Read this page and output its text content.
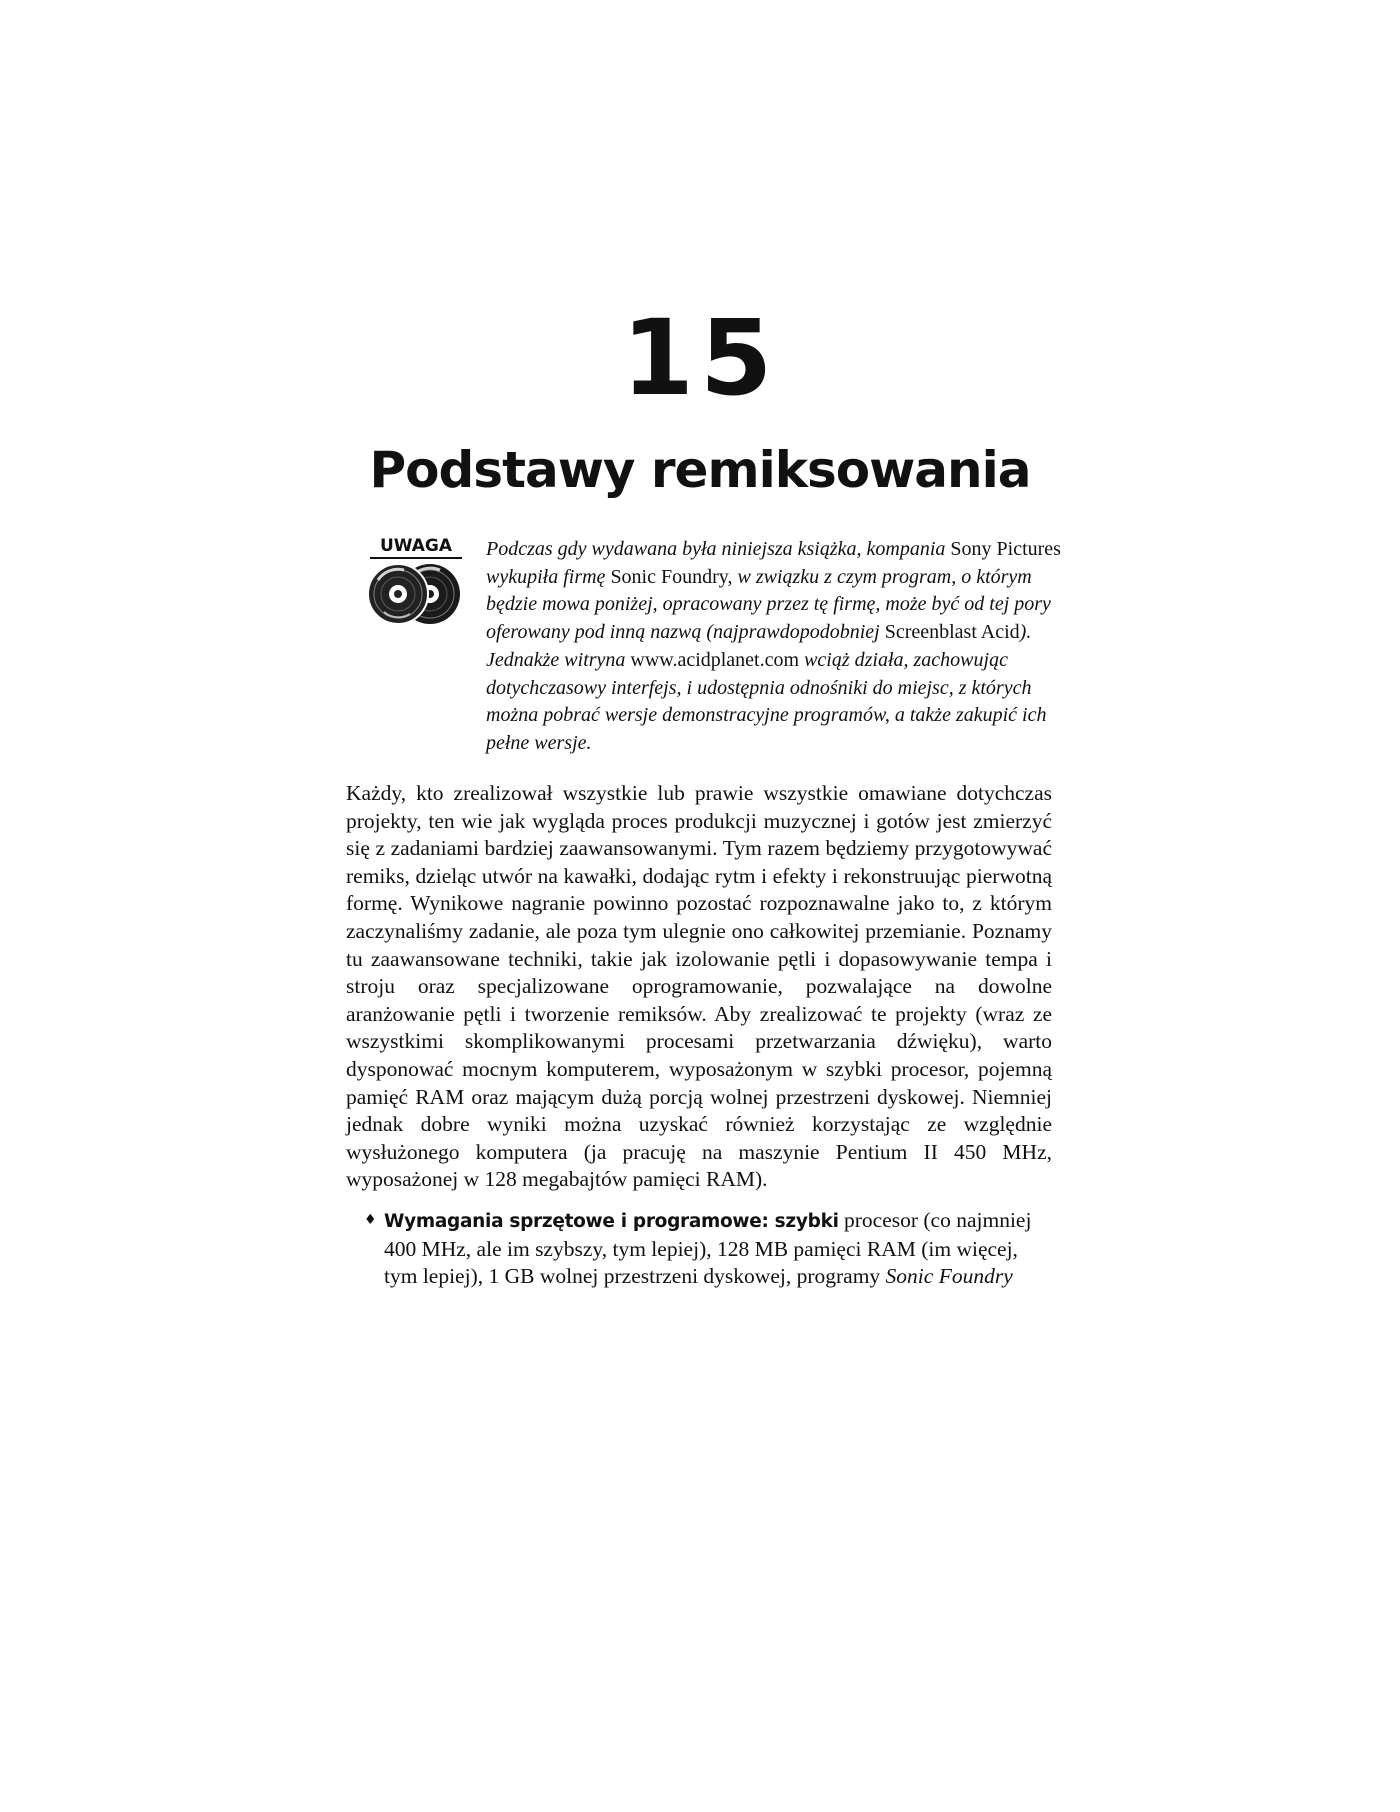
15
Podstawy remiksowania
UWAGA	Podczas gdy wydawana była niniejsza książka, kompania Sony Pictures wykupiła firmę Sonic Foundry, w związku z czym program, o którym będzie mowa poniżej, opracowany przez tę firmę, może być od tej pory oferowany pod inną nazwą (najprawdopodobniej Screenblast Acid). Jednakże witryna www.acidplanet.com wciąż działa, zachowując dotychczasowy interfejs, i udostępnia odnośniki do miejsc, z których można pobrać wersje demonstracyjne programów, a także zakupić ich pełne wersje.

Każdy, kto zrealizował wszystkie lub prawie wszystkie omawiane dotychczas projekty, ten wie jak wygląda proces produkcji muzycznej i gotów jest zmierzyć się z zadaniami bardziej zaawansowanymi. Tym razem będziemy przygotowywać remiks, dzieląc utwór na kawałki, dodając rytm i efekty i rekonstruując pierwotną formę. Wynikowe nagranie powinno pozostać rozpoznawalne jako to, z którym zaczynaliśmy zadanie, ale poza tym ulegnie ono całkowitej przemianie. Poznamy tu zaawansowane techniki, takie jak izolowanie pętli i dopasowywanie tempa i stroju oraz specjalizowane oprogramowanie, pozwalające na dowolne aranżowanie pętli i tworzenie remiksów. Aby zrealizować te projekty (wraz ze wszystkimi skomplikowanymi procesami przetwarzania dźwięku), warto dysponować mocnym komputerem, wyposażonym w szybki procesor, pojemną pamięć RAM oraz mającym dużą porcją wolnej przestrzeni dyskowej. Niemniej jednak dobre wyniki można uzyskać również korzystając ze względnie wysłużonego komputera (ja pracuję na maszynie Pentium II 450 MHz, wyposażonej w 128 megabajtów pamięci RAM).

♦ Wymagania sprzętowe i programowe: szybki procesor (co najmniej 400 MHz, ale im szybszy, tym lepiej), 128 MB pamięci RAM (im więcej, tym lepiej), 1 GB wolnej przestrzeni dyskowej, programy Sonic Foundry
